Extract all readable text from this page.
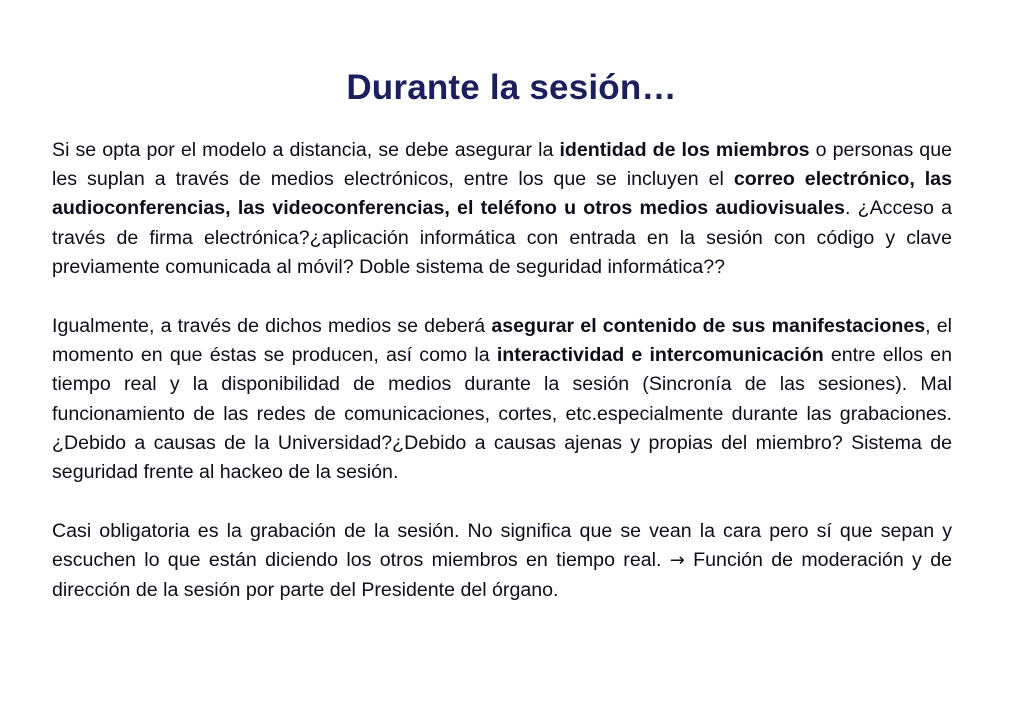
Durante la sesión…

Si se opta por el modelo a distancia, se debe asegurar la identidad de los miembros o personas que les suplan a través de medios electrónicos, entre los que se incluyen el correo electrónico, las audioconferencias, las videoconferencias, el teléfono u otros medios audiovisuales. ¿Acceso a través de firma electrónica?¿aplicación informática con entrada en la sesión con código y clave previamente comunicada al móvil? Doble sistema de seguridad informática??

Igualmente, a través de dichos medios se deberá asegurar el contenido de sus manifestaciones, el momento en que éstas se producen, así como la interactividad e intercomunicación entre ellos en tiempo real y la disponibilidad de medios durante la sesión (Sincronía de las sesiones). Mal funcionamiento de las redes de comunicaciones, cortes, etc.especialmente durante las grabaciones. ¿Debido a causas de la Universidad?¿Debido a causas ajenas y propias del miembro? Sistema de seguridad frente al hackeo de la sesión.

Casi obligatoria es la grabación de la sesión. No significa que se vean la cara pero sí que sepan y escuchen lo que están diciendo los otros miembros en tiempo real. → Función de moderación y de dirección de la sesión por parte del Presidente del órgano.
